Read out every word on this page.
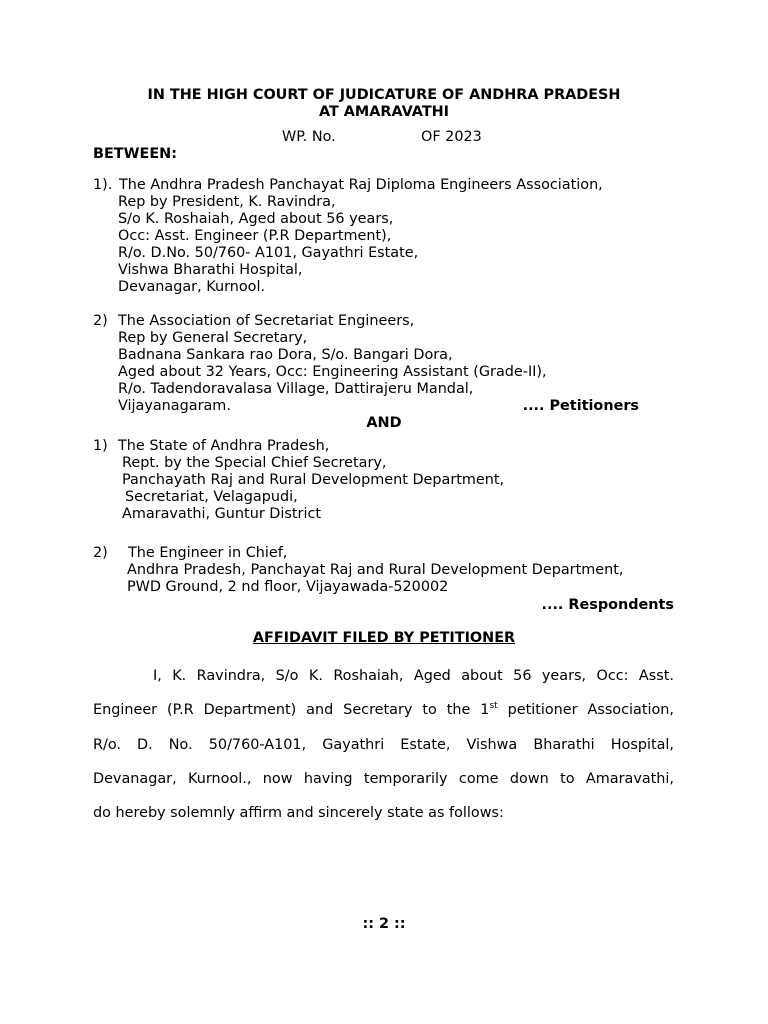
IN THE HIGH COURT OF JUDICATURE OF ANDHRA PRADESH
AT AMARAVATHI
WP. No.	OF 2023
BETWEEN:
1). The Andhra Pradesh Panchayat Raj Diploma Engineers Association,
Rep by President, K. Ravindra,
S/o K. Roshaiah, Aged about 56 years,
Occ: Asst. Engineer (P.R Department),
R/o. D.No. 50/760- A101, Gayathri Estate,
Vishwa Bharathi Hospital,
Devanagar, Kurnool.
2) The Association of Secretariat Engineers,
Rep by General Secretary,
Badnana Sankara rao Dora, S/o. Bangari Dora,
Aged about 32 Years, Occ: Engineering Assistant (Grade-II),
R/o. Tadendoravalasa Village, Dattirajeru Mandal,
Vijayanagaram.	.... Petitioners
AND
1) The State of Andhra Pradesh,
Rept. by the Special Chief Secretary,
Panchayath Raj and Rural Development Department,
Secretariat, Velagapudi,
Amaravathi, Guntur District
2) The Engineer in Chief,
Andhra Pradesh, Panchayat Raj and Rural Development Department,
PWD Ground, 2 nd floor, Vijayawada-520002
.... Respondents
AFFIDAVIT FILED BY PETITIONER
I, K. Ravindra, S/o K. Roshaiah, Aged about 56 years, Occ: Asst.
Engineer (P.R Department) and Secretary to the 1st petitioner Association,
R/o. D. No. 50/760-A101, Gayathri Estate, Vishwa Bharathi Hospital,
Devanagar, Kurnool., now having temporarily come down to Amaravathi,
do hereby solemnly affirm and sincerely state as follows:
:: 2 ::
